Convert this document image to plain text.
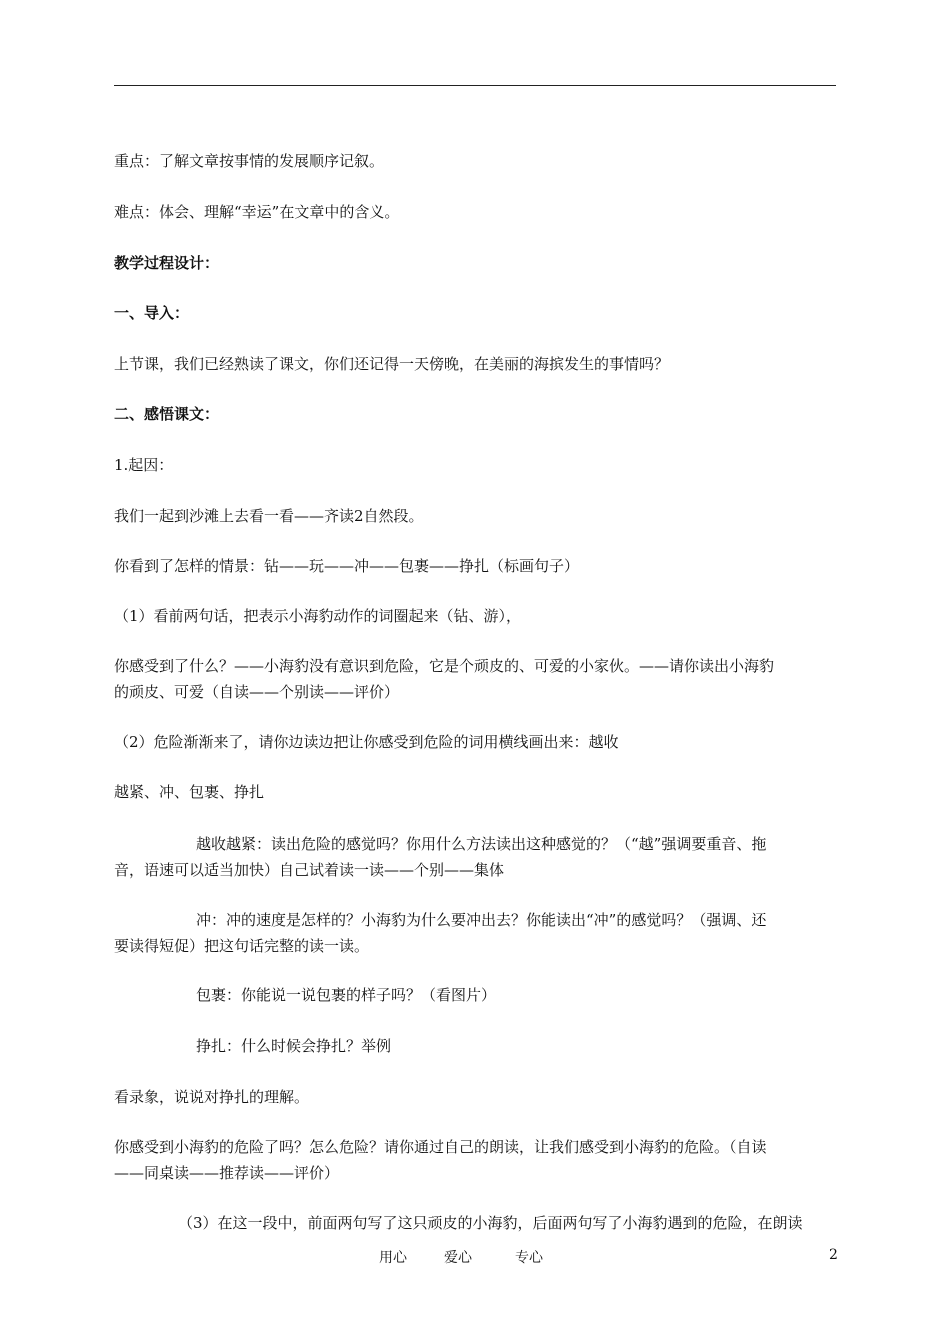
重点：了解文章按事情的发展顺序记叙。

难点：体会、理解“幸运”在文章中的含义。

教学过程设计：

一、导入：

上节课，我们已经熟读了课文，你们还记得一天傍晚，在美丽的海摈发生的事情吗？

二、感悟课文：

1.起因：

我们一起到沙滩上去看一看——齐读2自然段。

你看到了怎样的情景：钻——玩——冲——包裹——挣扎（标画句子）

（1）看前两句话，把表示小海豹动作的词圈起来（钻、游），

你感受到了什么？——小海豹没有意识到危险，它是个顽皮的、可爱的小家伙。——请你读出小海豹

的顽皮、可爱（自读——个别读——评价）

（2）危险渐渐来了，请你边读边把让你感受到危险的词用横线画出来：越收

越紧、冲、包裹、挣扎

越收越紧：读出危险的感觉吗？你用什么方法读出这种感觉的？（“越”强调要重音、拖

音，语速可以适当加快）自己试着读一读——个别——集体

冲：冲的速度是怎样的？小海豹为什么要冲出去？你能读出“冲”的感觉吗？（强调、还

要读得短促）把这句话完整的读一读。

包裹：你能说一说包裹的样子吗？（看图片）

挣扎：什么时候会挣扎？举例

看录象，说说对挣扎的理解。

你感受到小海豹的危险了吗？怎么危险？请你通过自己的朗读，让我们感受到小海豹的危险。（自读

——同桌读——推荐读——评价）

（3）在这一段中，前面两句写了这只顽皮的小海豹，后面两句写了小海豹遇到的危险，在朗读

用心	爱心	专心	2
